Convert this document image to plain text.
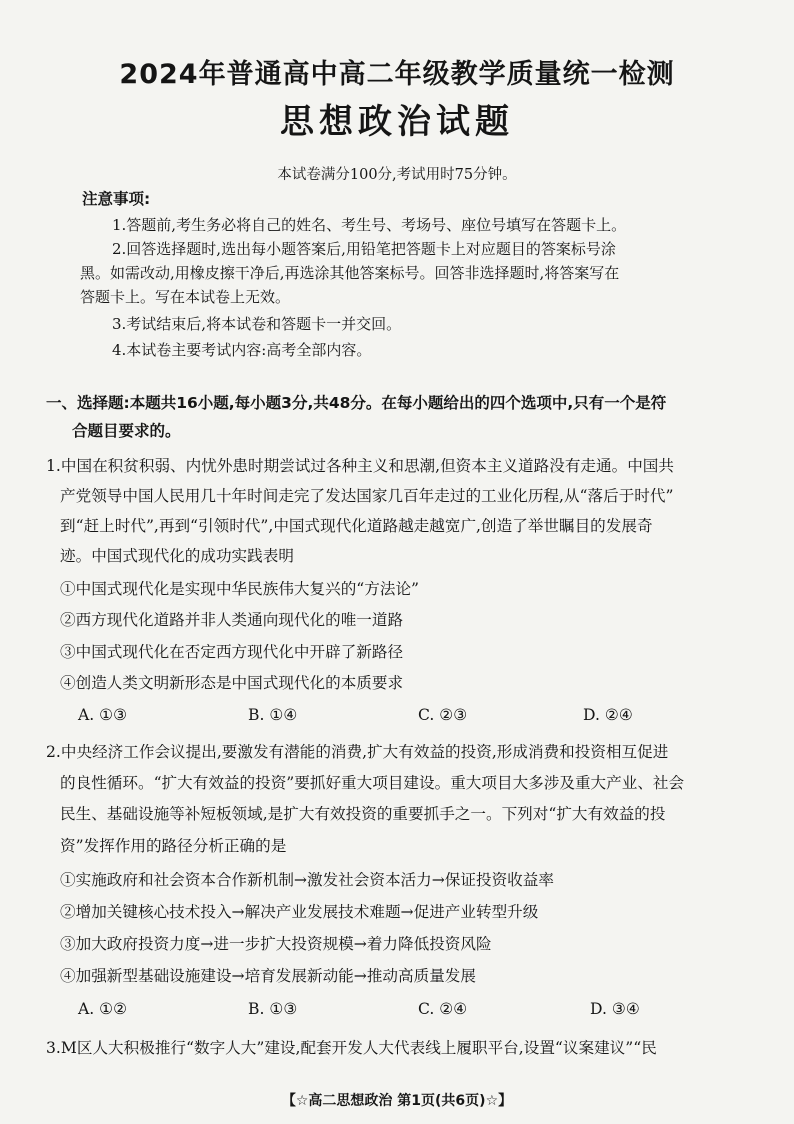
2024年普通高中高二年级教学质量统一检测
思想政治试题
本试卷满分100分,考试用时75分钟。
注意事项:
1.答题前,考生务必将自己的姓名、考生号、考场号、座位号填写在答题卡上。
2.回答选择题时,选出每小题答案后,用铅笔把答题卡上对应题目的答案标号涂
黑。如需改动,用橡皮擦干净后,再选涂其他答案标号。回答非选择题时,将答案写在
答题卡上。写在本试卷上无效。
3.考试结束后,将本试卷和答题卡一并交回。
4.本试卷主要考试内容:高考全部内容。
一、选择题:本题共16小题,每小题3分,共48分。在每小题给出的四个选项中,只有一个是符
合题目要求的。
1.中国在积贫积弱、内忧外患时期尝试过各种主义和思潮,但资本主义道路没有走通。中国共
产党领导中国人民用几十年时间走完了发达国家几百年走过的工业化历程,从“落后于时代”
到“赶上时代”,再到“引领时代”,中国式现代化道路越走越宽广,创造了举世瞩目的发展奇
迹。中国式现代化的成功实践表明
①中国式现代化是实现中华民族伟大复兴的“方法论”
②西方现代化道路并非人类通向现代化的唯一道路
③中国式现代化在否定西方现代化中开辟了新路径
④创造人类文明新形态是中国式现代化的本质要求
A. ①③	B. ①④	C. ②③	D. ②④
2.中央经济工作会议提出,要激发有潜能的消费,扩大有效益的投资,形成消费和投资相互促进
的良性循环。“扩大有效益的投资”要抓好重大项目建设。重大项目大多涉及重大产业、社会
民生、基础设施等补短板领域,是扩大有效投资的重要抓手之一。下列对“扩大有效益的投
资”发挥作用的路径分析正确的是
①实施政府和社会资本合作新机制→激发社会资本活力→保证投资收益率
②增加关键核心技术投入→解决产业发展技术难题→促进产业转型升级
③加大政府投资力度→进一步扩大投资规模→着力降低投资风险
④加强新型基础设施建设→培育发展新动能→推动高质量发展
A. ①②	B. ①③	C. ②④	D. ③④
3.M区人大积极推行“数字人大”建设,配套开发人大代表线上履职平台,设置“议案建议”“民
【☆高二思想政治 第1页(共6页)☆】
